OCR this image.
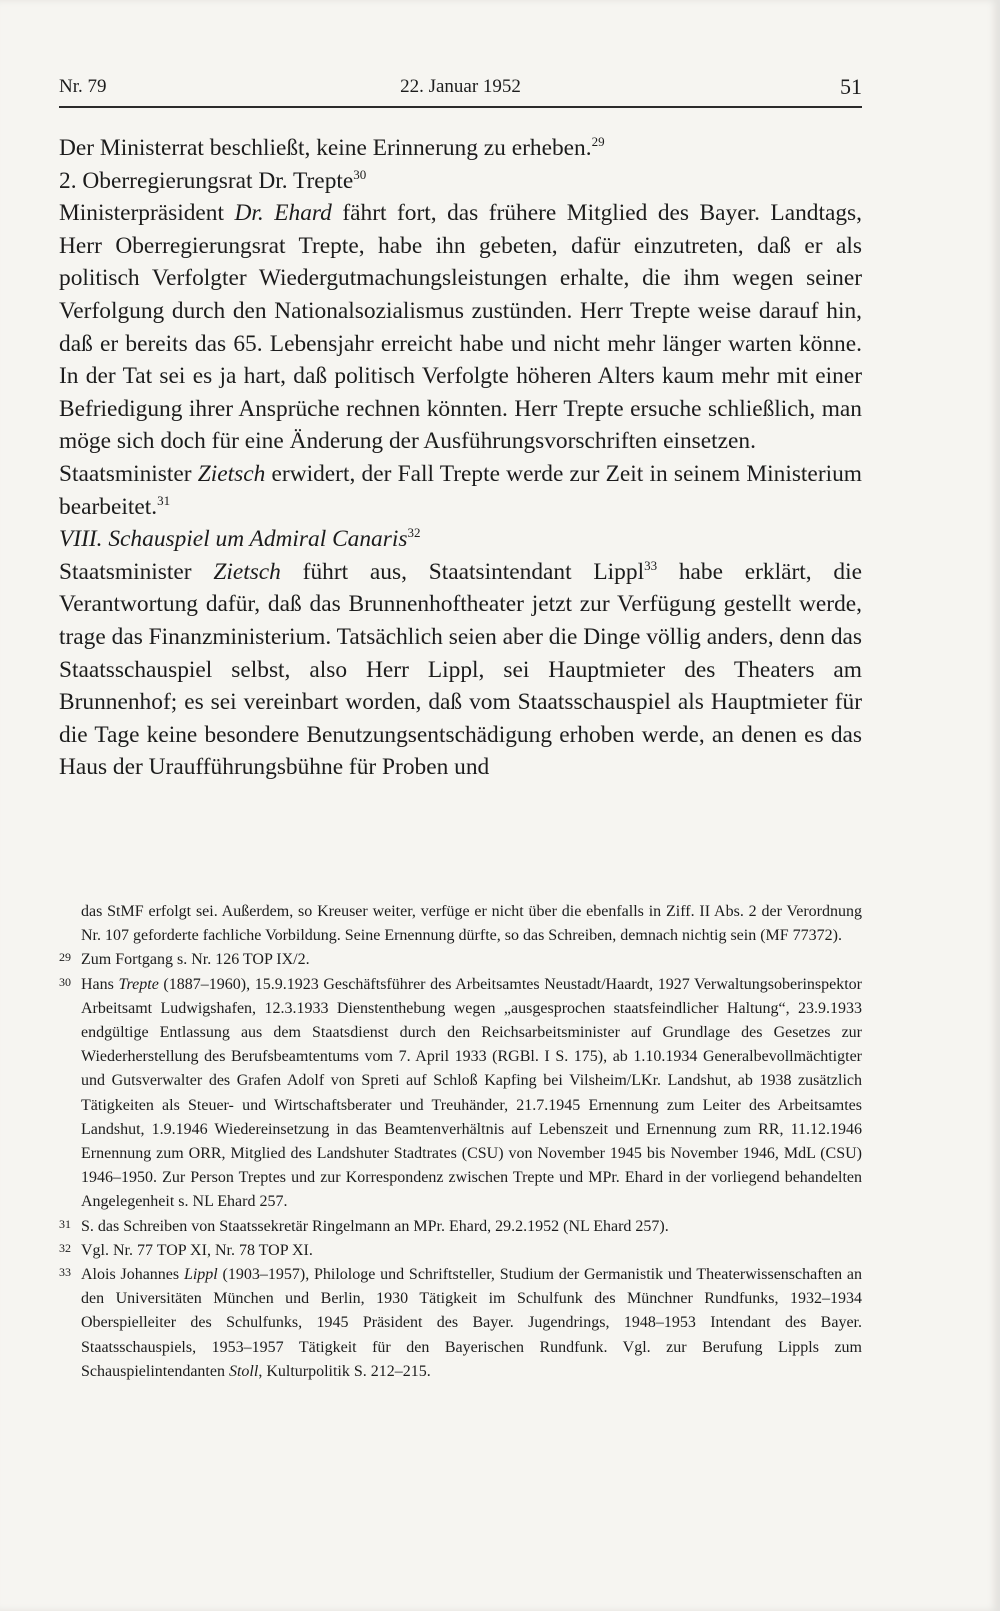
Nr. 79	22. Januar 1952	51

Der Ministerrat beschließt, keine Erinnerung zu erheben.$^{29}$

2. Oberregierungsrat Dr. Trepte$^{30}$

Ministerpräsident Dr. Ehard fährt fort, das frühere Mitglied des Bayer. Landtags, Herr Oberregierungsrat Trepte, habe ihn gebeten, dafür einzutreten, daß er als politisch Verfolgter Wiedergutmachungsleistungen erhalte, die ihm wegen seiner Verfolgung durch den Nationalsozialismus zustünden. Herr Trepte weise darauf hin, daß er bereits das 65. Lebensjahr erreicht habe und nicht mehr länger warten könne. In der Tat sei es ja hart, daß politisch Verfolgte höheren Alters kaum mehr mit einer Befriedigung ihrer Ansprüche rechnen könnten. Herr Trepte ersuche schließlich, man möge sich doch für eine Änderung der Ausführungsvorschriften einsetzen.

Staatsminister Zietsch erwidert, der Fall Trepte werde zur Zeit in seinem Ministerium bearbeitet.$^{31}$

VIII. Schauspiel um Admiral Canaris$^{32}$

Staatsminister Zietsch führt aus, Staatsintendant Lippl$^{33}$ habe erklärt, die Verantwortung dafür, daß das Brunnenhoftheater jetzt zur Verfügung gestellt werde, trage das Finanzministerium. Tatsächlich seien aber die Dinge völlig anders, denn das Staatsschauspiel selbst, also Herr Lippl, sei Hauptmieter des Theaters am Brunnenhof; es sei vereinbart worden, daß vom Staatsschauspiel als Hauptmieter für die Tage keine besondere Benutzungsentschädigung erhoben werde, an denen es das Haus der Uraufführungsbühne für Proben und

das StMF erfolgt sei. Außerdem, so Kreuser weiter, verfüge er nicht über die ebenfalls in Ziff. II Abs. 2 der Verordnung Nr. 107 geforderte fachliche Vorbildung. Seine Ernennung dürfte, so das Schreiben, demnach nichtig sein (MF 77372).

29 Zum Fortgang s. Nr. 126 TOP IX/2.
30 Hans Trepte (1887–1960), 15.9.1923 Geschäftsführer des Arbeitsamtes Neustadt/Haardt, 1927 Verwaltungsoberinspektor Arbeitsamt Ludwigshafen, 12.3.1933 Dienstenthebung wegen „ausgesprochen staatsfeindlicher Haltung“, 23.9.1933 endgültige Entlassung aus dem Staatsdienst durch den Reichsarbeitsminister auf Grundlage des Gesetzes zur Wiederherstellung des Berufsbeamtentums vom 7. April 1933 (RGBl. I S. 175), ab 1.10.1934 Generalbevollmächtigter und Gutsverwalter des Grafen Adolf von Spreti auf Schloß Kapfing bei Vilsheim/LKr. Landshut, ab 1938 zusätzlich Tätigkeiten als Steuer- und Wirtschaftsberater und Treuhänder, 21.7.1945 Ernennung zum Leiter des Arbeitsamtes Landshut, 1.9.1946 Wiedereinsetzung in das Beamtenverhältnis auf Lebenszeit und Ernennung zum RR, 11.12.1946 Ernennung zum ORR, Mitglied des Landshuter Stadtrates (CSU) von November 1945 bis November 1946, MdL (CSU) 1946–1950. Zur Person Treptes und zur Korrespondenz zwischen Trepte und MPr. Ehard in der vorliegend behandelten Angelegenheit s. NL Ehard 257.
31 S. das Schreiben von Staatssekretär Ringelmann an MPr. Ehard, 29.2.1952 (NL Ehard 257).
32 Vgl. Nr. 77 TOP XI, Nr. 78 TOP XI.
33 Alois Johannes Lippl (1903–1957), Philologe und Schriftsteller, Studium der Germanistik und Theaterwissenschaften an den Universitäten München und Berlin, 1930 Tätigkeit im Schulfunk des Münchner Rundfunks, 1932–1934 Oberspielleiter des Schulfunks, 1945 Präsident des Bayer. Jugendrings, 1948–1953 Intendant des Bayer. Staatsschauspiels, 1953–1957 Tätigkeit für den Bayerischen Rundfunk. Vgl. zur Berufung Lippls zum Schauspielintendanten Stoll, Kulturpolitik S. 212–215.
